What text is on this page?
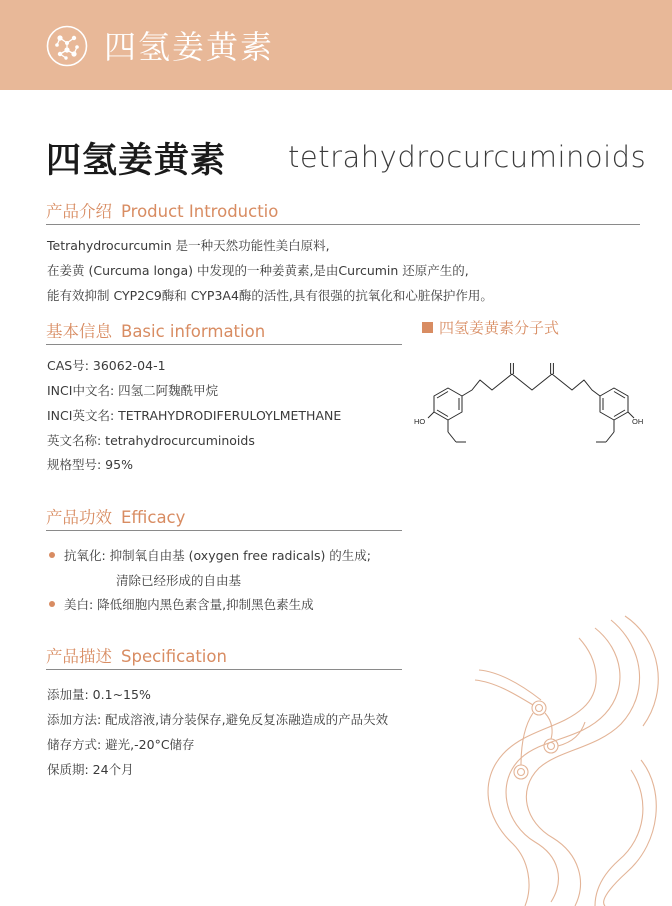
四氢姜黄素
四氢姜黄素 tetrahydrocurcuminoids
产品介绍 Product Introductio
Tetrahydrocurcumin 是一种天然功能性美白原料,
在姜黄 (Curcuma longa) 中发现的一种姜黄素,是由Curcumin 还原产生的,
能有效抑制 CYP2C9酶和 CYP3A4酶的活性,具有很强的抗氧化和心脏保护作用。
基本信息 Basic information
CAS号: 36062-04-1
INCI中文名: 四氢二阿魏酰甲烷
INCI英文名: TETRAHYDRODIFERULOYLMETHANE
英文名称: tetrahydrocurcuminoids
规格型号: 95%
四氢姜黄素分子式
HO	OH
产品功效 Efficacy
抗氧化: 抑制氧自由基 (oxygen free radicals) 的生成;
清除已经形成的自由基
美白: 降低细胞内黑色素含量,抑制黑色素生成
产品描述 Specification
添加量: 0.1~15%
添加方法: 配成溶液,请分装保存,避免反复冻融造成的产品失效
储存方式: 避光,-20°C储存
保质期: 24个月
